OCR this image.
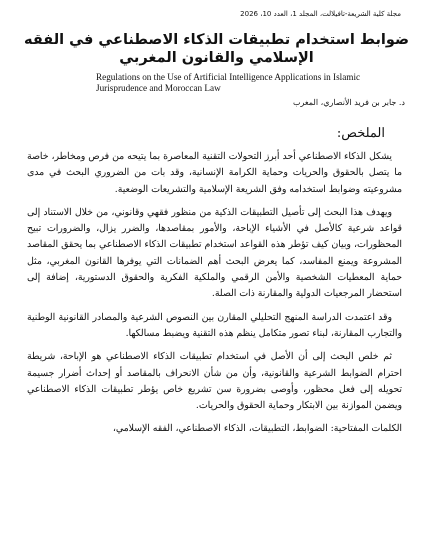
مجلة كلية الشريعة-تافيلالت، المجلد 1، العدد 10، 2026
ضوابط استخدام تطبيقات الذكاء الاصطناعي في الفقه الإسلامي والقانون المغربي
Regulations on the Use of Artificial Intelligence Applications in Islamic Jurisprudence and Moroccan Law
د. جابر بن فريد الأنصاري، المغرب
الملخص:

يشكل الذكاء الاصطناعي أحد أبرز التحولات التقنية المعاصرة بما يتيحه من فرص ومخاطر، خاصة ما يتصل بالحقوق والحريات وحماية الكرامة الإنسانية، وقد بات من الضروري البحث في مدى مشروعيته وضوابط استخدامه وفق الشريعة الإسلامية والتشريعات الوضعية.

ويهدف هذا البحث إلى تأصيل التطبيقات الذكية من منظور فقهي وقانوني، من خلال الاستناد إلى قواعد شرعية كالأصل في الأشياء الإباحة، والأمور بمقاصدها، والضرر يزال، والضرورات تبيح المحظورات، وبيان كيف تؤطر هذه القواعد استخدام تطبيقات الذكاء الاصطناعي بما يحقق المقاصد المشروعة ويمنع المفاسد، كما يعرض البحث أهم الضمانات التي يوفرها القانون المغربي، مثل حماية المعطيات الشخصية والأمن الرقمي والملكية الفكرية والحقوق الدستورية، إضافة إلى استحضار المرجعيات الدولية والمقارنة ذات الصلة.

وقد اعتمدت الدراسة المنهج التحليلي المقارن بين النصوص الشرعية والمصادر القانونية الوطنية والتجارب المقارنة، لبناء تصور متكامل ينظم هذه التقنية ويضبط مسالكها.

ثم خلص البحث إلى أن الأصل في استخدام تطبيقات الذكاء الاصطناعي هو الإباحة، شريطة احترام الضوابط الشرعية والقانونية، وأن من شأن الانحراف بالمقاصد أو إحداث أضرار جسيمة تحويله إلى فعل محظور، وأوصى بضرورة سن تشريع خاص يؤطر تطبيقات الذكاء الاصطناعي ويضمن الموازنة بين الابتكار وحماية الحقوق والحريات.

الكلمات المفتاحية: الضوابط، التطبيقات، الذكاء الاصطناعي، الفقه الإسلامي،
